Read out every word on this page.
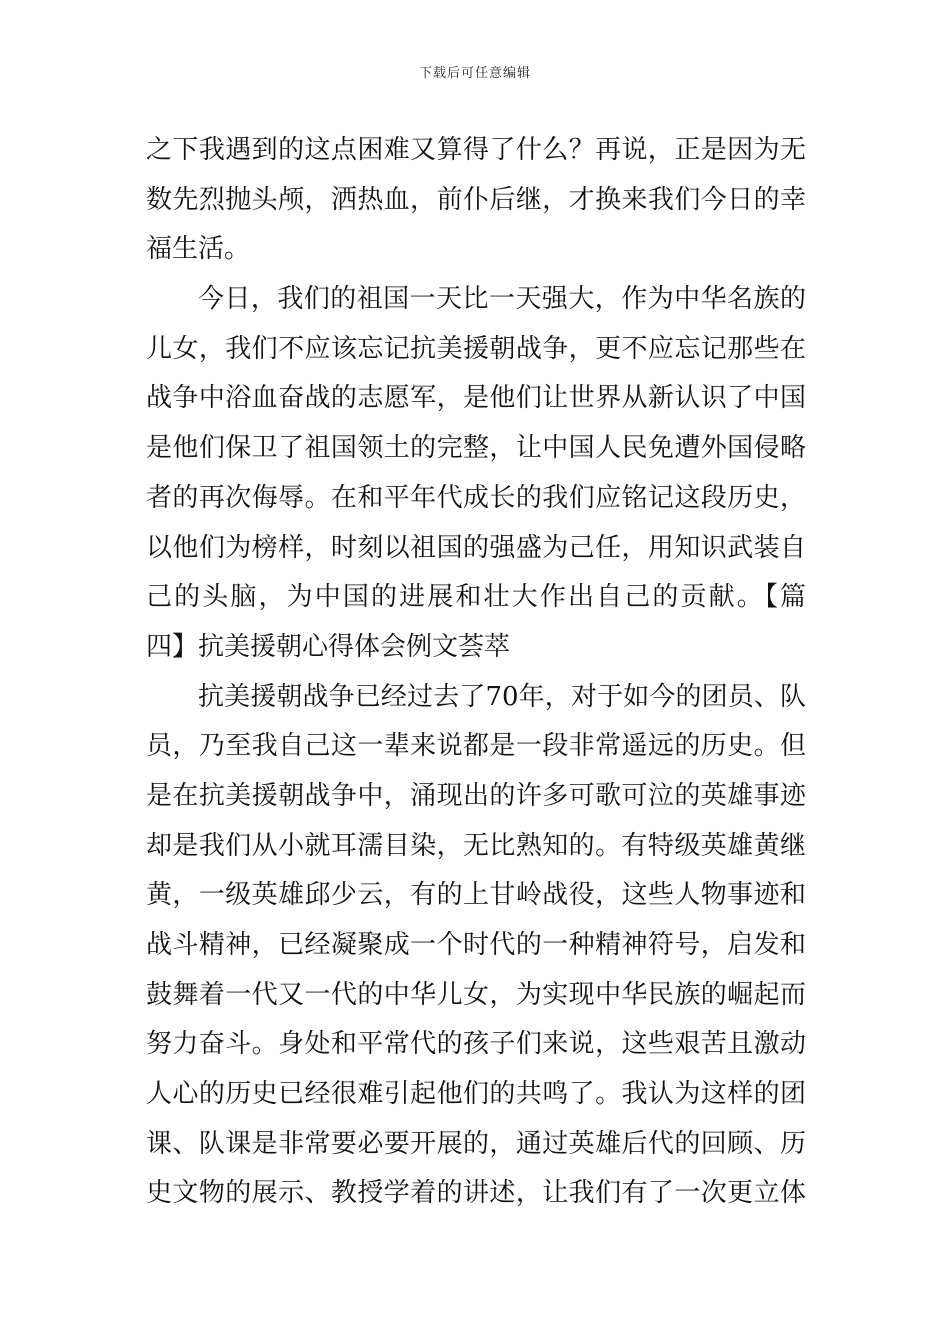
下载后可任意编辑
之下我遇到的这点困难又算得了什么？再说，正是因为无
数先烈抛头颅，洒热血，前仆后继，才换来我们今日的幸
福生活。
今日，我们的祖国一天比一天强大，作为中华名族的
儿女，我们不应该忘记抗美援朝战争，更不应忘记那些在
战争中浴血奋战的志愿军，是他们让世界从新认识了中国
是他们保卫了祖国领土的完整，让中国人民免遭外国侵略
者的再次侮辱。在和平年代成长的我们应铭记这段历史，
以他们为榜样，时刻以祖国的强盛为己任，用知识武装自
己的头脑，为中国的进展和壮大作出自己的贡献。【篇
四】抗美援朝心得体会例文荟萃
抗美援朝战争已经过去了70年，对于如今的团员、队
员，乃至我自己这一辈来说都是一段非常遥远的历史。但
是在抗美援朝战争中，涌现出的许多可歌可泣的英雄事迹
却是我们从小就耳濡目染，无比熟知的。有特级英雄黄继
黄，一级英雄邱少云，有的上甘岭战役，这些人物事迹和
战斗精神，已经凝聚成一个时代的一种精神符号，启发和
鼓舞着一代又一代的中华儿女，为实现中华民族的崛起而
努力奋斗。身处和平常代的孩子们来说，这些艰苦且激动
人心的历史已经很难引起他们的共鸣了。我认为这样的团
课、队课是非常要必要开展的，通过英雄后代的回顾、历
史文物的展示、教授学着的讲述，让我们有了一次更立体
